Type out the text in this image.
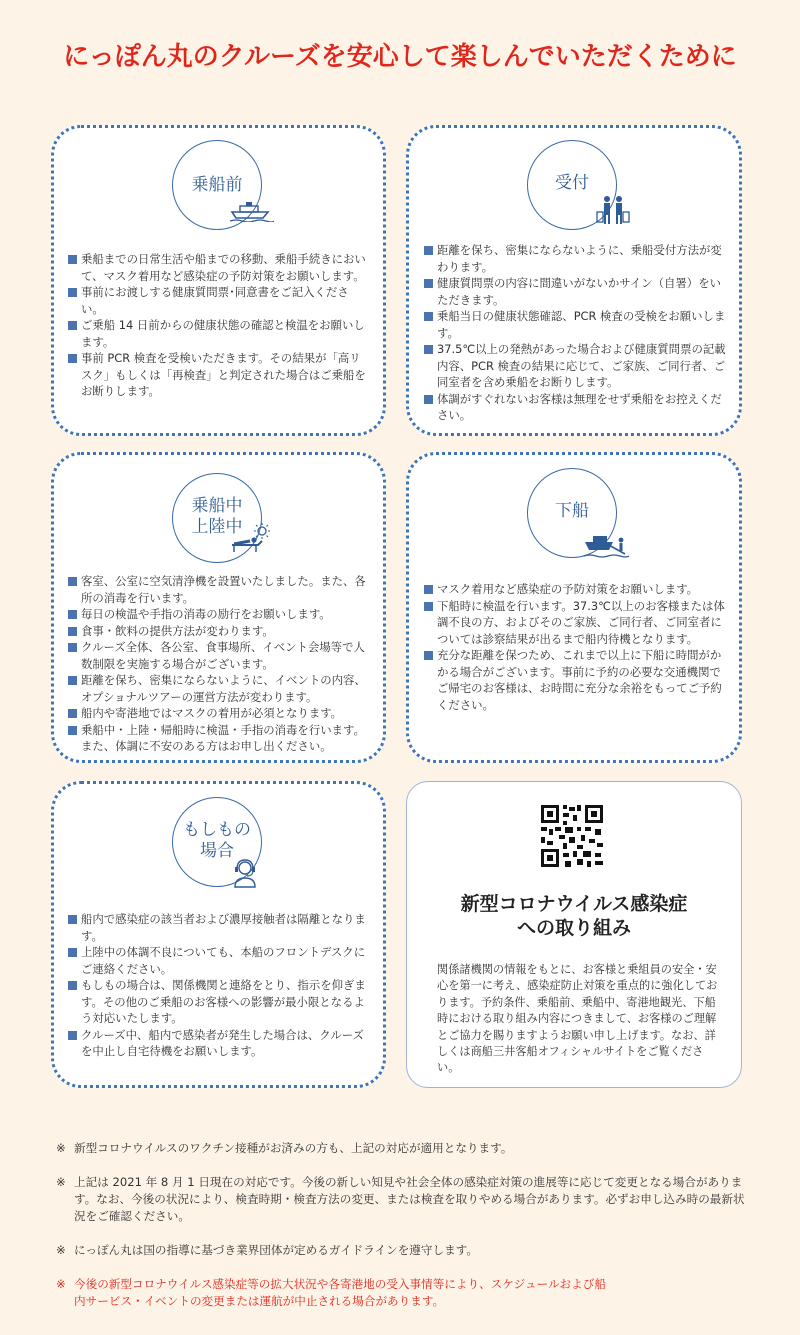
にっぽん丸のクルーズを安心して楽しんでいただくために
乗船前
乗船までの日常生活や船までの移動、乗船手続きにおいて、マスク着用など感染症の予防対策をお願いします。
事前にお渡しする健康質問票･同意書をご記入ください。
ご乗船 14 日前からの健康状態の確認と検温をお願いします。
事前 PCR 検査を受検いただきます。その結果が「高リスク」もしくは「再検査」と判定された場合はご乗船をお断りします。
受付
距離を保ち、密集にならないように、乗船受付方法が変わります。
健康質問票の内容に間違いがないかサイン（自署）をいただきます。
乗船当日の健康状態確認、PCR 検査の受検をお願いします。
37.5℃以上の発熱があった場合および健康質問票の記載内容、PCR 検査の結果に応じて、ご家族、ご同行者、ご同室者を含め乗船をお断りします。
体調がすぐれないお客様は無理をせず乗船をお控えください。
乗船中
上陸中
客室、公室に空気清浄機を設置いたしました。また、各所の消毒を行います。
毎日の検温や手指の消毒の励行をお願いします。
食事・飲料の提供方法が変わります。
クルーズ全体、各公室、食事場所、イベント会場等で人数制限を実施する場合がございます。
距離を保ち、密集にならないように、イベントの内容、オプショナルツアーの運営方法が変わります。
船内や寄港地ではマスクの着用が必須となります。
乗船中・上陸・帰船時に検温・手指の消毒を行います。また、体調に不安のある方はお申し出ください。
下船
マスク着用など感染症の予防対策をお願いします。
下船時に検温を行います。37.3℃以上のお客様または体調不良の方、およびそのご家族、ご同行者、ご同室者については診察結果が出るまで船内待機となります。
充分な距離を保つため、これまで以上に下船に時間がかかる場合がございます。事前に予約の必要な交通機関でご帰宅のお客様は、お時間に充分な余裕をもってご予約ください。
もしもの
場合
船内で感染症の該当者および濃厚接触者は隔離となります。
上陸中の体調不良についても、本船のフロントデスクにご連絡ください。
もしもの場合は、関係機関と連絡をとり、指示を仰ぎます。その他のご乗船のお客様への影響が最小限となるよう対応いたします。
クルーズ中、船内で感染者が発生した場合は、クルーズを中止し自宅待機をお願いします。
新型コロナウイルス感染症
への取り組み
関係諸機関の情報をもとに、お客様と乗組員の安全・安心を第一に考え、感染症防止対策を重点的に強化しております。予約条件、乗船前、乗船中、寄港地観光、下船時における取り組み内容につきまして、お客様のご理解とご協力を賜りますようお願い申し上げます。なお、詳しくは商船三井客船オフィシャルサイトをご覧ください。

※ 新型コロナウイルスのワクチン接種がお済みの方も、上記の対応が適用となります。

※ 上記は 2021 年 8 月 1 日現在の対応です。今後の新しい知見や社会全体の感染症対策の進展等に応じて変更となる場合があります。なお、今後の状況により、検査時期・検査方法の変更、または検査を取りやめる場合があります。必ずお申し込み時の最新状況をご確認ください。

※ にっぽん丸は国の指導に基づき業界団体が定めるガイドラインを遵守します。

※ 今後の新型コロナウイルス感染症等の拡大状況や各寄港地の受入事情等により、スケジュールおよび船内サービス・イベントの変更または運航が中止される場合があります。
